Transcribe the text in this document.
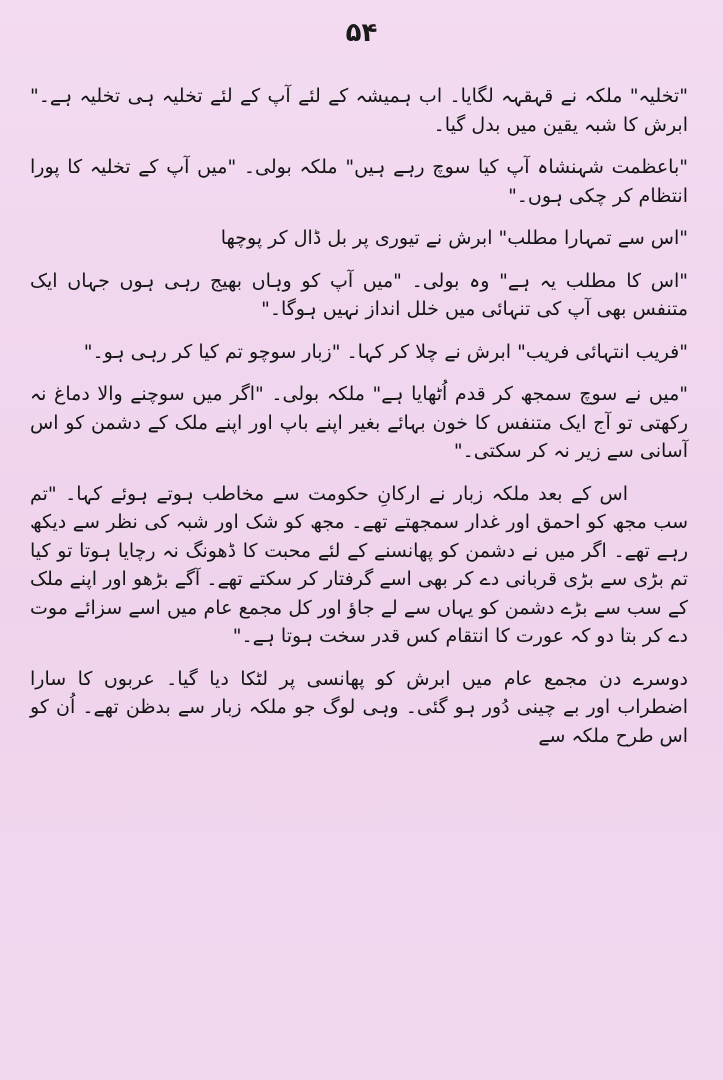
۵۴

"تخلیہ" ملکہ نے قہقہہ لگایا۔ اب ہمیشہ کے لئے آپ کے لئے تخلیہ ہی تخلیہ ہے۔" ابرش کا شبہ یقین میں بدل گیا۔

"باعظمت شہنشاہ آپ کیا سوچ رہے ہیں" ملکہ بولی۔ "میں آپ کے تخلیہ کا پورا انتظام کر چکی ہوں۔"

"اس سے تمہارا مطلب" ابرش نے تیوری پر بل ڈال کر پوچھا

"اس کا مطلب یہ ہے" وہ بولی۔ "میں آپ کو وہاں بھیج رہی ہوں جہاں ایک متنفس بھی آپ کی تنہائی میں خلل انداز نہیں ہوگا۔"

"فریب انتہائی فریب" ابرش نے چلا کر کہا۔ "زبار سوچو تم کیا کر رہی ہو۔"

"میں نے سوچ سمجھ کر قدم اُٹھایا ہے" ملکہ بولی۔ "اگر میں سوچنے والا دماغ نہ رکھتی تو آج ایک متنفس کا خون بہائے بغیر اپنے باپ اور اپنے ملک کے دشمن کو اس آسانی سے زیر نہ کر سکتی۔"

اس کے بعد ملکہ زبار نے ارکانِ حکومت سے مخاطب ہوتے ہوئے کہا۔ "تم سب مجھ کو احمق اور غدار سمجھتے تھے۔ مجھ کو شک اور شبہ کی نظر سے دیکھ رہے تھے۔ اگر میں نے دشمن کو پھانسنے کے لئے محبت کا ڈھونگ نہ رچایا ہوتا تو کیا تم بڑی سے بڑی قربانی دے کر بھی اسے گرفتار کر سکتے تھے۔ آگے بڑھو اور اپنے ملک کے سب سے بڑے دشمن کو یہاں سے لے جاؤ اور کل مجمع عام میں اسے سزائے موت دے کر بتا دو کہ عورت کا انتقام کس قدر سخت ہوتا ہے۔"

دوسرے دن مجمع عام میں ابرش کو پھانسی پر لٹکا دیا گیا۔ عربوں کا سارا اضطراب اور بے چینی دُور ہو گئی۔ وہی لوگ جو ملکہ زبار سے بدظن تھے۔ اُن کو اس طرح ملکہ سے
